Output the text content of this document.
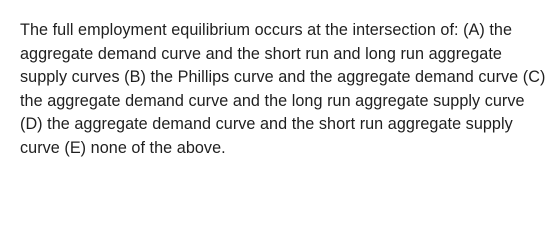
The full employment equilibrium occurs at the intersection of: (A) the aggregate demand curve and the short run and long run aggregate supply curves (B) the Phillips curve and the aggregate demand curve (C) the aggregate demand curve and the long run aggregate supply curve (D) the aggregate demand curve and the short run aggregate supply curve (E) none of the above.
